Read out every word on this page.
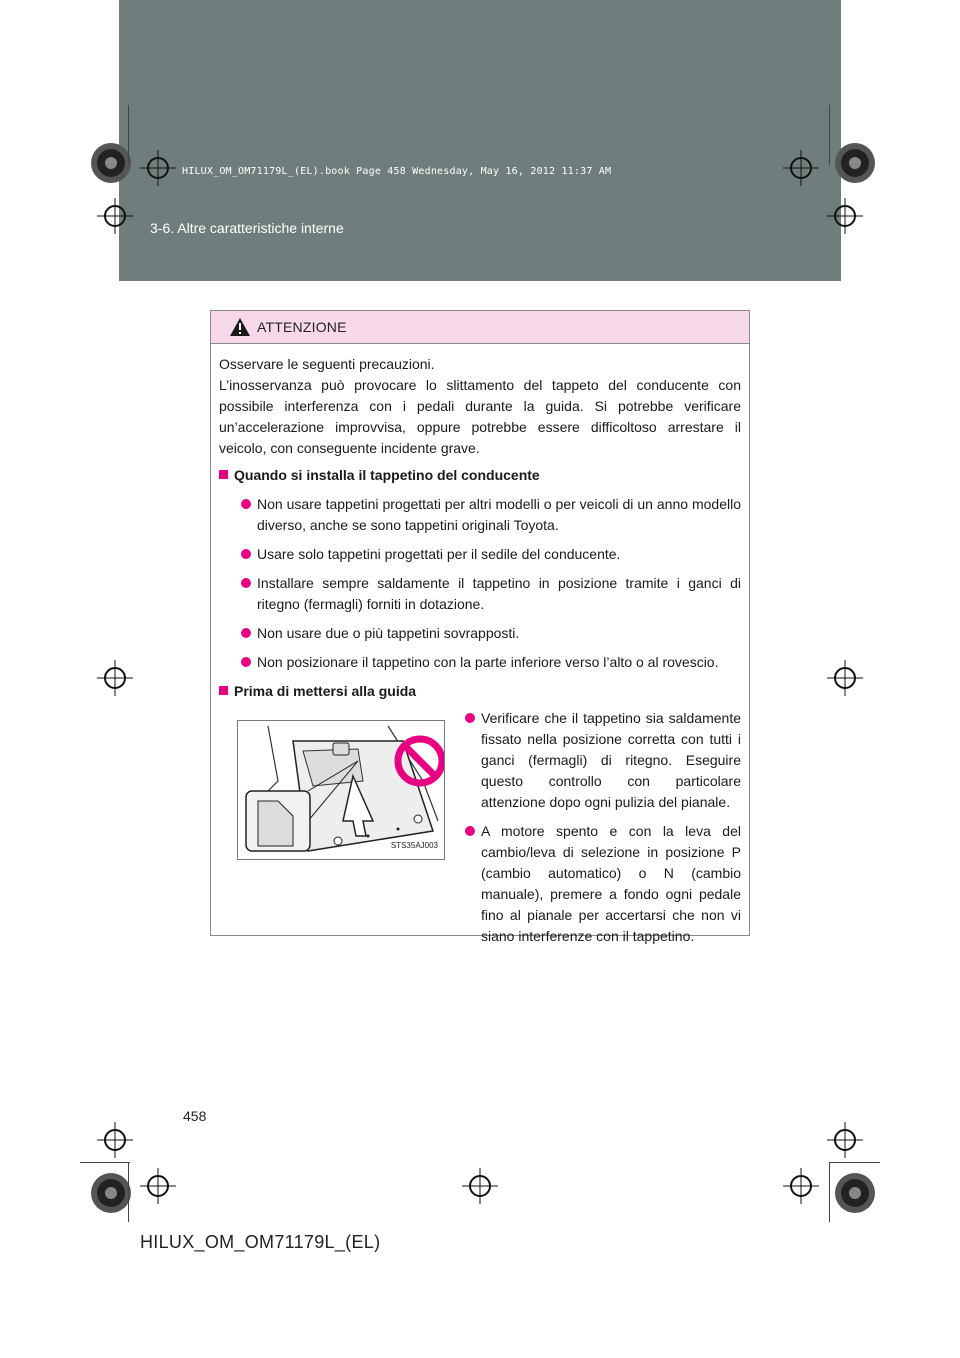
HILUX_OM_OM71179L_(EL).book Page 458 Wednesday, May 16, 2012 11:37 AM
3-6. Altre caratteristiche interne
ATTENZIONE

Osservare le seguenti precauzioni.

L’inosservanza può provocare lo slittamento del tappeto del conducente con possibile interferenza con i pedali durante la guida. Si potrebbe verificare un’accelerazione improvvisa, oppure potrebbe essere difficoltoso arrestare il veicolo, con conseguente incidente grave.

Quando si installa il tappetino del conducente
Non usare tappetini progettati per altri modelli o per veicoli di un anno modello diverso, anche se sono tappetini originali Toyota.
Usare solo tappetini progettati per il sedile del conducente.
Installare sempre saldamente il tappetino in posizione tramite i ganci di ritegno (fermagli) forniti in dotazione.
Non usare due o più tappetini sovrapposti.
Non posizionare il tappetino con la parte inferiore verso l’alto o al rovescio.
Prima di mettersi alla guida
STS35AJ003
Verificare che il tappetino sia saldamente fissato nella posizione corretta con tutti i ganci (fermagli) di ritegno. Eseguire questo controllo con particolare attenzione dopo ogni pulizia del pianale.
A motore spento e con la leva del cambio/leva di selezione in posizione P (cambio automatico) o N (cambio manuale), premere a fondo ogni pedale fino al pianale per accertarsi che non vi siano interferenze con il tappetino.
458
HILUX_OM_OM71179L_(EL)
